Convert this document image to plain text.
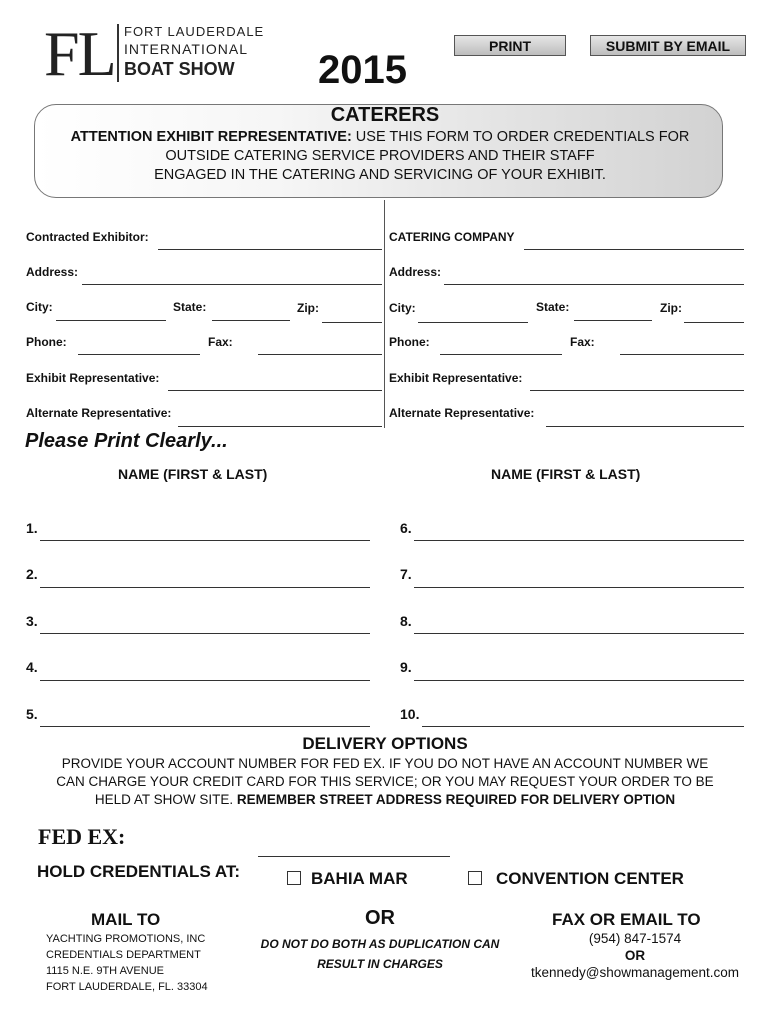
FL FORT LAUDERDALE
INTERNATIONAL
BOAT SHOW 2015
PRINT	SUBMIT BY EMAIL
CATERERS
ATTENTION EXHIBIT REPRESENTATIVE: USE THIS FORM TO ORDER CREDENTIALS FOR
OUTSIDE CATERING SERVICE PROVIDERS AND THEIR STAFF
ENGAGED IN THE CATERING AND SERVICING OF YOUR EXHIBIT.
Contracted Exhibitor:
Address:
City:	State:	Zip:
Phone:	Fax:
Exhibit Representative:
Alternate Representative:
CATERING COMPANY
Address:
City:	State:	Zip:
Phone:	Fax:
Exhibit Representative:
Alternate Representative:
Please Print Clearly...
NAME (FIRST & LAST)	NAME (FIRST & LAST)
1.
2.
3.
4.
5.
6.
7.
8.
9.
10.
DELIVERY OPTIONS
PROVIDE YOUR ACCOUNT NUMBER FOR FED EX. IF YOU DO NOT HAVE AN ACCOUNT NUMBER WE
CAN CHARGE YOUR CREDIT CARD FOR THIS SERVICE; OR YOU MAY REQUEST YOUR ORDER TO BE
HELD AT SHOW SITE. REMEMBER STREET ADDRESS REQUIRED FOR DELIVERY OPTION
FED EX:
HOLD CREDENTIALS AT:	BAHIA MAR	CONVENTION CENTER
MAIL TO
YACHTING PROMOTIONS, INC
CREDENTIALS DEPARTMENT
1115 N.E. 9TH AVENUE
FORT LAUDERDALE, FL. 33304
OR
DO NOT DO BOTH AS DUPLICATION CAN
RESULT IN CHARGES
FAX OR EMAIL TO
(954) 847-1574
OR
tkennedy@showmanagement.com
